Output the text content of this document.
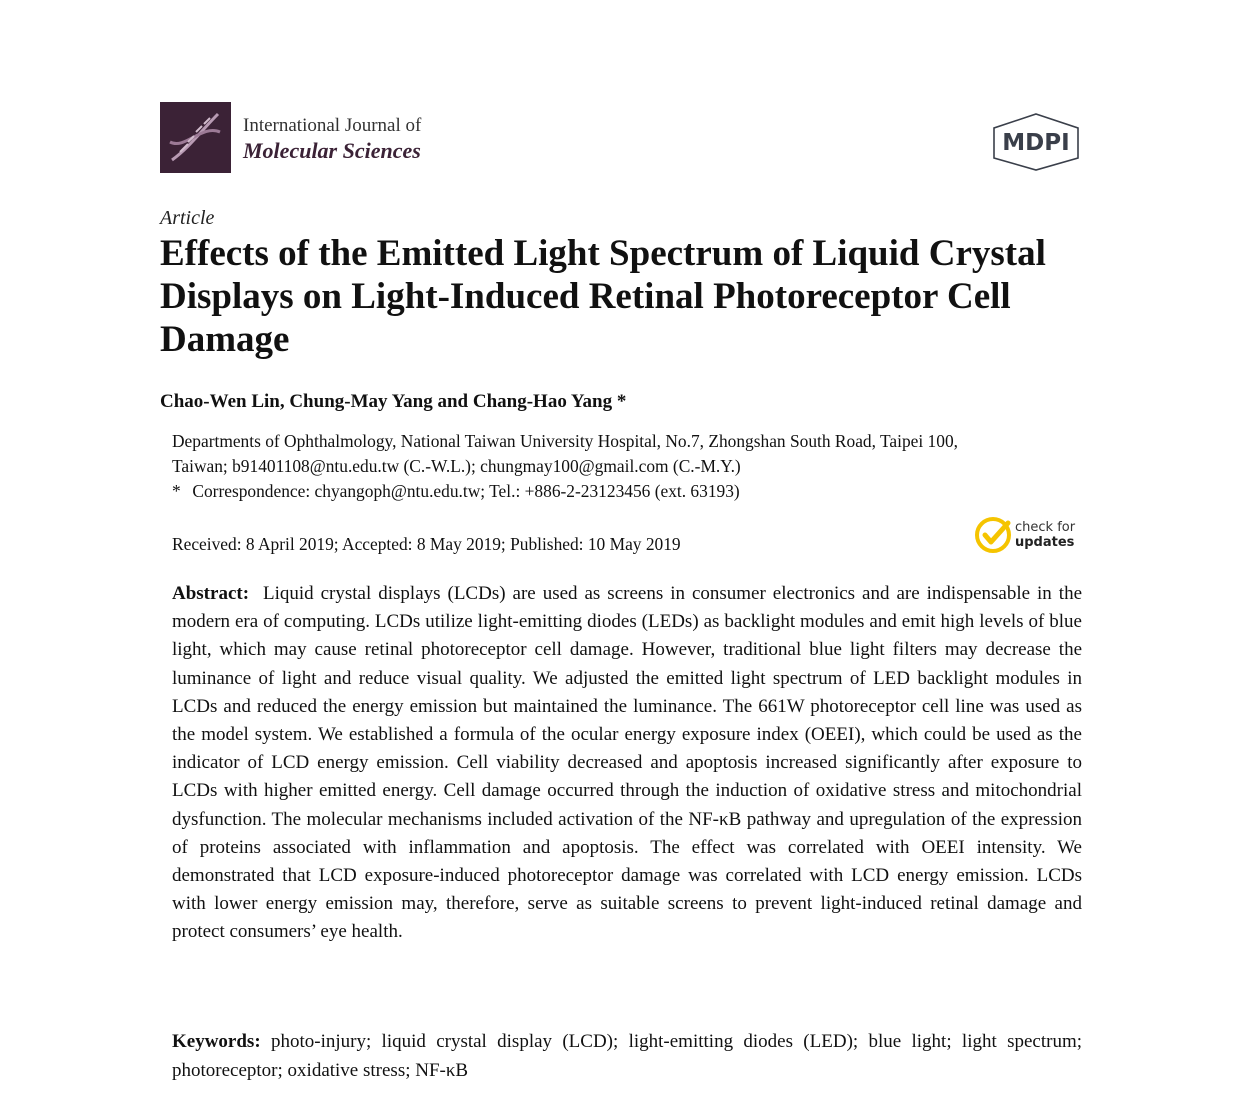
International Journal of
Molecular Sciences	MDPI
Article
Effects of the Emitted Light Spectrum of Liquid Crystal Displays on Light-Induced Retinal Photoreceptor Cell Damage
Chao-Wen Lin, Chung-May Yang and Chang-Hao Yang *
Departments of Ophthalmology, National Taiwan University Hospital, No.7, Zhongshan South Road, Taipei 100,
Taiwan; b91401108@ntu.edu.tw (C.-W.L.); chungmay100@gmail.com (C.-M.Y.)
* Correspondence: chyangoph@ntu.edu.tw; Tel.: +886-2-23123456 (ext. 63193)
Received: 8 April 2019; Accepted: 8 May 2019; Published: 10 May 2019
check for
updates

Abstract: Liquid crystal displays (LCDs) are used as screens in consumer electronics and are indispensable in the modern era of computing. LCDs utilize light-emitting diodes (LEDs) as backlight modules and emit high levels of blue light, which may cause retinal photoreceptor cell damage. However, traditional blue light filters may decrease the luminance of light and reduce visual quality. We adjusted the emitted light spectrum of LED backlight modules in LCDs and reduced the energy emission but maintained the luminance. The 661W photoreceptor cell line was used as the model system. We established a formula of the ocular energy exposure index (OEEI), which could be used as the indicator of LCD energy emission. Cell viability decreased and apoptosis increased significantly after exposure to LCDs with higher emitted energy. Cell damage occurred through the induction of oxidative stress and mitochondrial dysfunction. The molecular mechanisms included activation of the NF-κB pathway and upregulation of the expression of proteins associated with inflammation and apoptosis. The effect was correlated with OEEI intensity. We demonstrated that LCD exposure-induced photoreceptor damage was correlated with LCD energy emission. LCDs with lower energy emission may, therefore, serve as suitable screens to prevent light-induced retinal damage and protect consumers’ eye health.

Keywords: photo-injury; liquid crystal display (LCD); light-emitting diodes (LED); blue light; light spectrum; photoreceptor; oxidative stress; NF-κB
